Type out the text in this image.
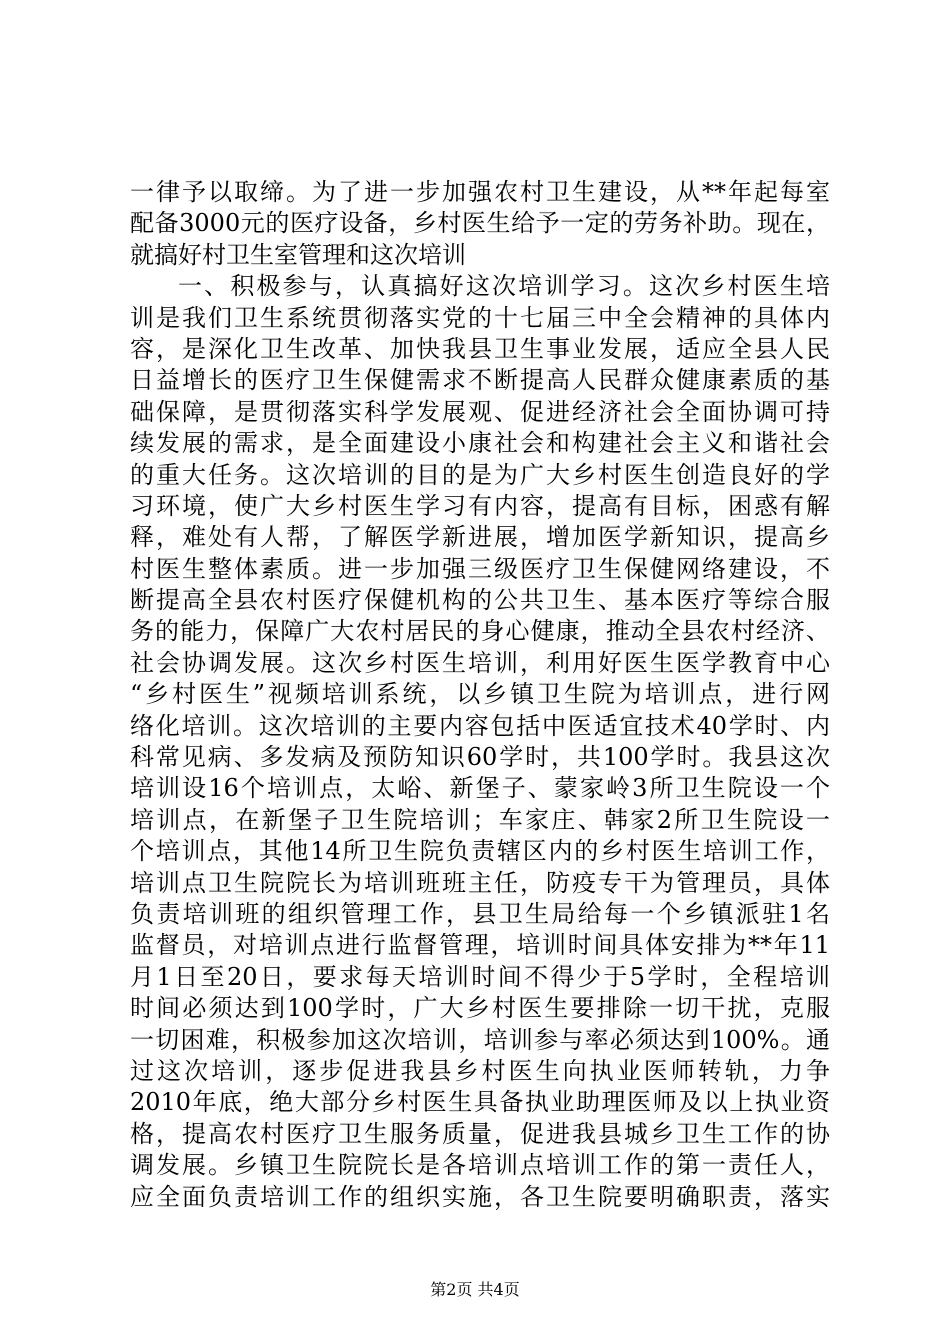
一律予以取缔。为了进一步加强农村卫生建设，从**年起每室
配备3000元的医疗设备，乡村医生给予一定的劳务补助。现在，
就搞好村卫生室管理和这次培训
一、积极参与，认真搞好这次培训学习。这次乡村医生培
训是我们卫生系统贯彻落实党的十七届三中全会精神的具体内
容，是深化卫生改革、加快我县卫生事业发展，适应全县人民
日益增长的医疗卫生保健需求不断提高人民群众健康素质的基
础保障，是贯彻落实科学发展观、促进经济社会全面协调可持
续发展的需求，是全面建设小康社会和构建社会主义和谐社会
的重大任务。这次培训的目的是为广大乡村医生创造良好的学
习环境，使广大乡村医生学习有内容，提高有目标，困惑有解
释，难处有人帮，了解医学新进展，增加医学新知识，提高乡
村医生整体素质。进一步加强三级医疗卫生保健网络建设，不
断提高全县农村医疗保健机构的公共卫生、基本医疗等综合服
务的能力，保障广大农村居民的身心健康，推动全县农村经济、
社会协调发展。这次乡村医生培训，利用好医生医学教育中心
“乡村医生”视频培训系统，以乡镇卫生院为培训点，进行网
络化培训。这次培训的主要内容包括中医适宜技术40学时、内
科常见病、多发病及预防知识60学时，共100学时。我县这次
培训设16个培训点，太峪、新堡子、蒙家岭3所卫生院设一个
培训点，在新堡子卫生院培训；车家庄、韩家2所卫生院设一
个培训点，其他14所卫生院负责辖区内的乡村医生培训工作，
培训点卫生院院长为培训班班主任，防疫专干为管理员，具体
负责培训班的组织管理工作，县卫生局给每一个乡镇派驻1名
监督员，对培训点进行监督管理，培训时间具体安排为**年11
月1日至20日，要求每天培训时间不得少于5学时，全程培训
时间必须达到100学时，广大乡村医生要排除一切干扰，克服
一切困难，积极参加这次培训，培训参与率必须达到100%。通
过这次培训，逐步促进我县乡村医生向执业医师转轨，力争
2010年底，绝大部分乡村医生具备执业助理医师及以上执业资
格，提高农村医疗卫生服务质量，促进我县城乡卫生工作的协
调发展。乡镇卫生院院长是各培训点培训工作的第一责任人，
应全面负责培训工作的组织实施，各卫生院要明确职责，落实
第2页 共4页
